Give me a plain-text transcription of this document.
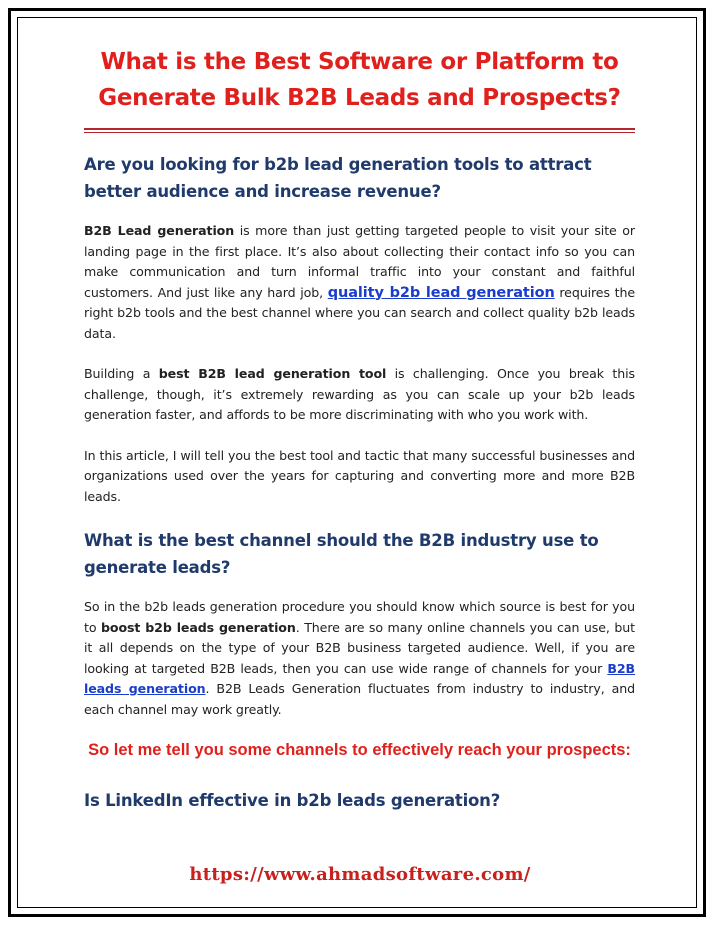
What is the Best Software or Platform to Generate Bulk B2B Leads and Prospects?
Are you looking for b2b lead generation tools to attract better audience and increase revenue?

B2B Lead generation is more than just getting targeted people to visit your site or landing page in the first place. It’s also about collecting their contact info so you can make communication and turn informal traffic into your constant and faithful customers. And just like any hard job, quality b2b lead generation requires the right b2b tools and the best channel where you can search and collect quality b2b leads data.

Building a best B2B lead generation tool is challenging. Once you break this challenge, though, it’s extremely rewarding as you can scale up your b2b leads generation faster, and affords to be more discriminating with who you work with.

In this article, I will tell you the best tool and tactic that many successful businesses and organizations used over the years for capturing and converting more and more B2B leads.

What is the best channel should the B2B industry use to generate leads?

So in the b2b leads generation procedure you should know which source is best for you to boost b2b leads generation. There are so many online channels you can use, but it all depends on the type of your B2B business targeted audience. Well, if you are looking at targeted B2B leads, then you can use wide range of channels for your B2B leads generation. B2B Leads Generation fluctuates from industry to industry, and each channel may work greatly.

So let me tell you some channels to effectively reach your prospects:

Is LinkedIn effective in b2b leads generation?
https://www.ahmadsoftware.com/
